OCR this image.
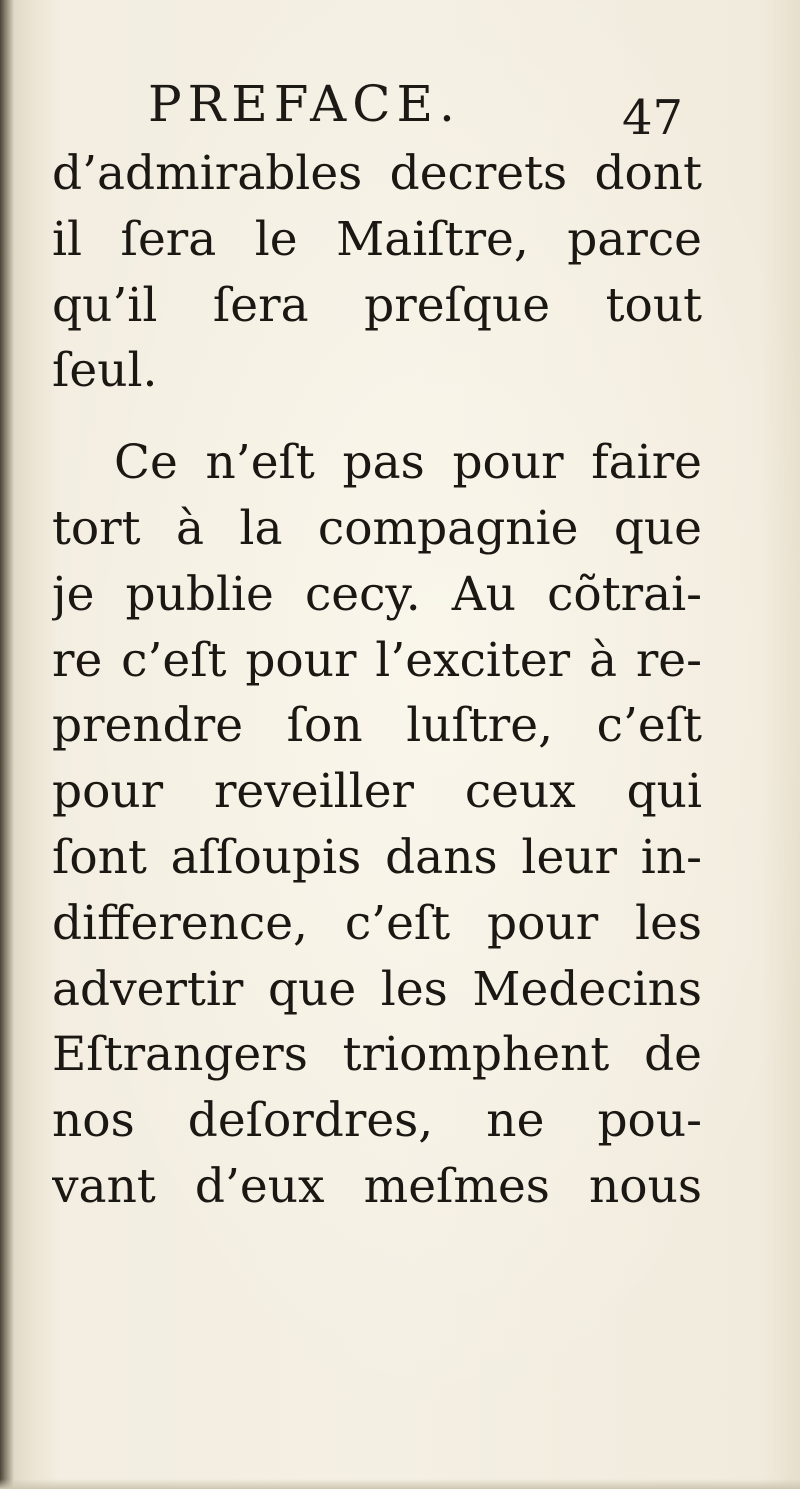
PREFACE.	47
d’admirables decrets dont
il ſera le Maiſtre, parce
qu’il ſera preſque tout
ſeul.
Ce n’eſt pas pour faire
tort à la compagnie que
je publie cecy. Au cõtrai-
re c’eſt pour l’exciter à re-
prendre ſon luſtre, c’eſt
pour reveiller ceux qui
ſont aſſoupis dans leur in-
difference, c’eſt pour les
advertir que les Medecins
Eſtrangers triomphent de
nos deſordres, ne pou-
vant d’eux meſmes nous
